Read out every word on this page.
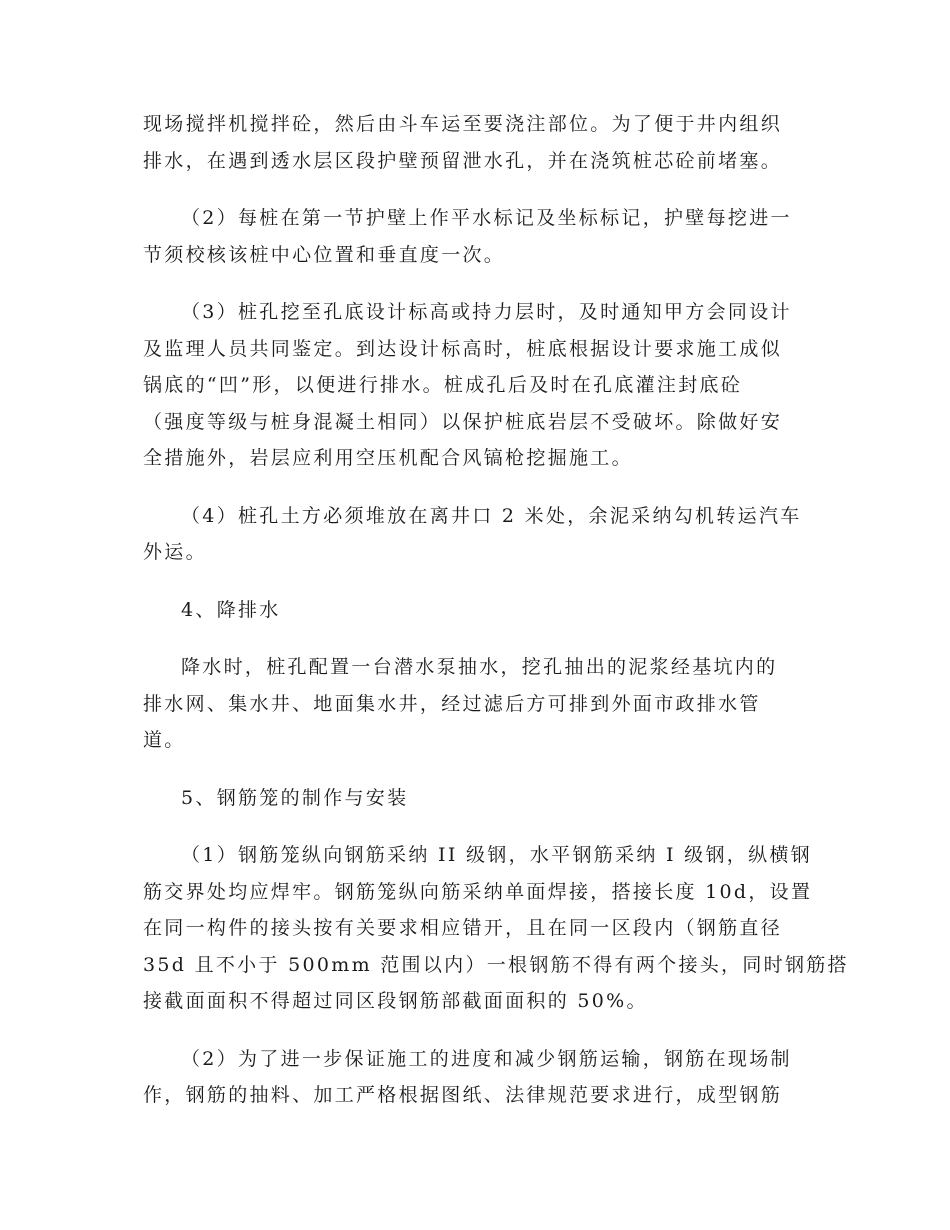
现场搅拌机搅拌砼，然后由斗车运至要浇注部位。为了便于井内组织
排水，在遇到透水层区段护壁预留泄水孔，并在浇筑桩芯砼前堵塞。

（2）每桩在第一节护壁上作平水标记及坐标标记，护壁每挖进一
节须校核该桩中心位置和垂直度一次。

（3）桩孔挖至孔底设计标高或持力层时，及时通知甲方会同设计
及监理人员共同鉴定。到达设计标高时，桩底根据设计要求施工成似
锅底的“凹”形，以便进行排水。桩成孔后及时在孔底灌注封底砼
（强度等级与桩身混凝土相同）以保护桩底岩层不受破坏。除做好安
全措施外，岩层应利用空压机配合风镐枪挖掘施工。

（4）桩孔土方必须堆放在离井口 2 米处，余泥采纳勾机转运汽车
外运。

4、降排水

降水时，桩孔配置一台潜水泵抽水，挖孔抽出的泥浆经基坑内的
排水网、集水井、地面集水井，经过滤后方可排到外面市政排水管
道。

5、钢筋笼的制作与安装

（1）钢筋笼纵向钢筋采纳 II 级钢，水平钢筋采纳 I 级钢，纵横钢
筋交界处均应焊牢。钢筋笼纵向筋采纳单面焊接，搭接长度 10d，设置
在同一构件的接头按有关要求相应错开，且在同一区段内（钢筋直径
35d 且不小于 500mm 范围以内）一根钢筋不得有两个接头，同时钢筋搭
接截面面积不得超过同区段钢筋部截面面积的 50%。

（2）为了进一步保证施工的进度和减少钢筋运输，钢筋在现场制
作，钢筋的抽料、加工严格根据图纸、法律规范要求进行，成型钢筋
